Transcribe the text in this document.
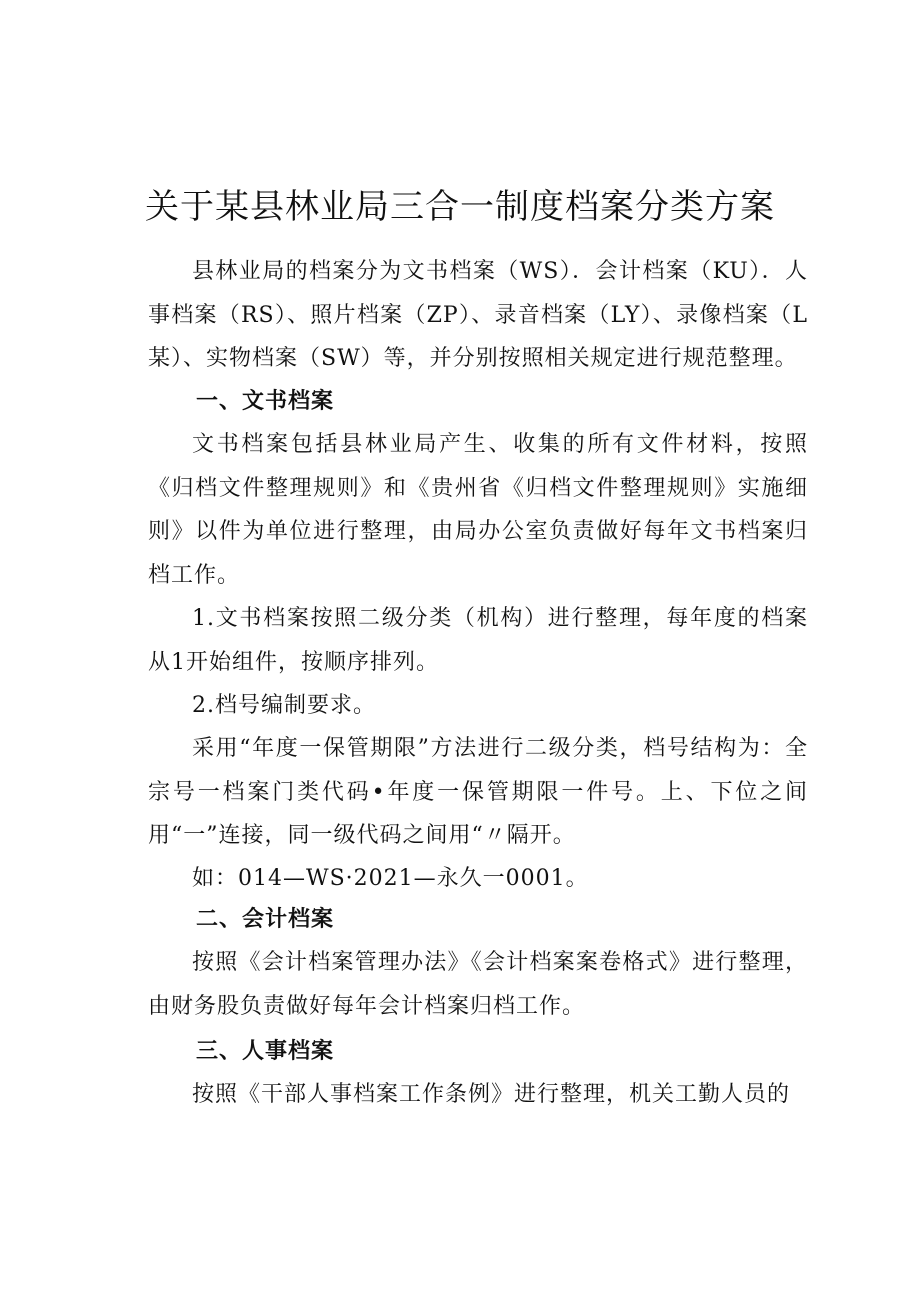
关于某县林业局三合一制度档案分类方案

县林业局的档案分为文书档案（WS）．会计档案（KU）．人事档案（RS）、照片档案（ZP）、录音档案（LY）、录像档案（L某）、实物档案（SW）等，并分别按照相关规定进行规范整理。

一、文书档案

文书档案包括县林业局产生、收集的所有文件材料，按照《归档文件整理规则》和《贵州省《归档文件整理规则》实施细则》以件为单位进行整理，由局办公室负责做好每年文书档案归档工作。

1.文书档案按照二级分类（机构）进行整理，每年度的档案从1开始组件，按顺序排列。

2.档号编制要求。

采用“年度一保管期限”方法进行二级分类，档号结构为：全宗号一档案门类代码•年度一保管期限一件号。上、下位之间用“一”连接，同一级代码之间用“〃隔开。

如：014—WS·2021—永久一0001。

二、会计档案

按照《会计档案管理办法》《会计档案案卷格式》进行整理，由财务股负责做好每年会计档案归档工作。

三、人事档案

按照《干部人事档案工作条例》进行整理，机关工勤人员的
